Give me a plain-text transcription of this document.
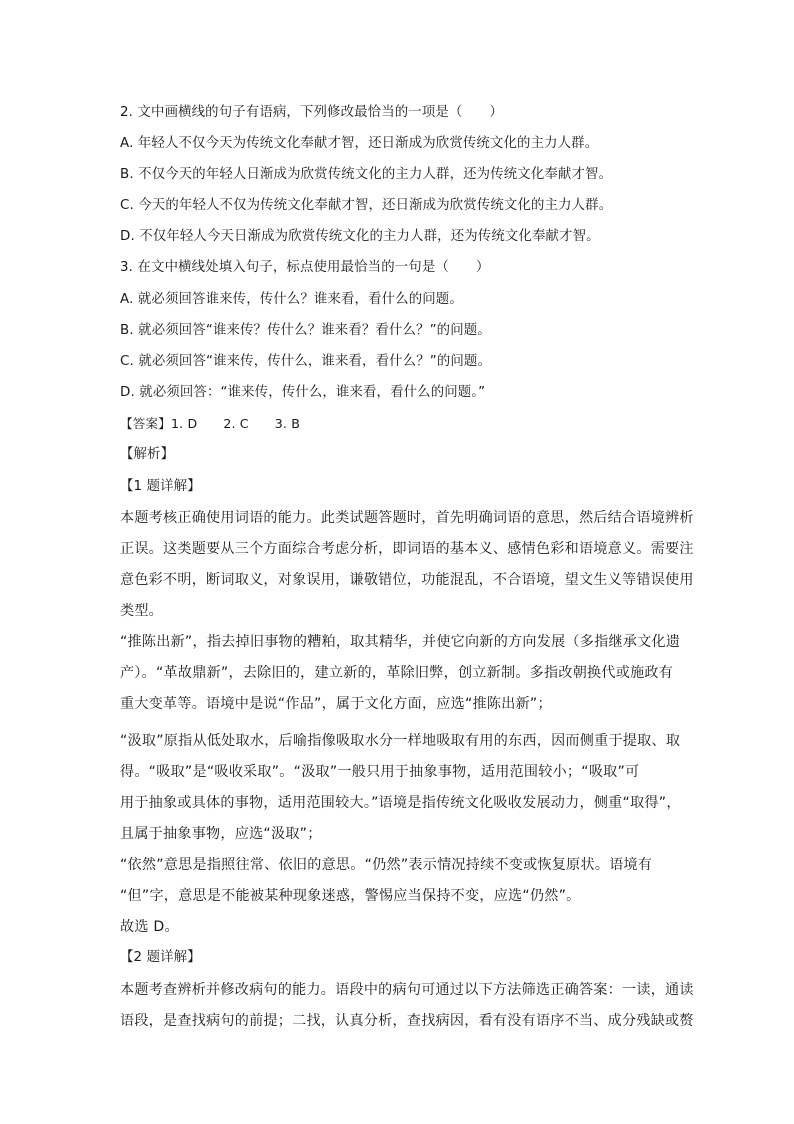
2. 文中画横线的句子有语病，下列修改最恰当的一项是（　　）
A. 年轻人不仅今天为传统文化奉献才智，还日渐成为欣赏传统文化的主力人群。
B. 不仅今天的年轻人日渐成为欣赏传统文化的主力人群，还为传统文化奉献才智。
C. 今天的年轻人不仅为传统文化奉献才智，还日渐成为欣赏传统文化的主力人群。
D. 不仅年轻人今天日渐成为欣赏传统文化的主力人群，还为传统文化奉献才智。
3. 在文中横线处填入句子，标点使用最恰当的一句是（　　）
A. 就必须回答谁来传，传什么？谁来看，看什么的问题。
B. 就必须回答“谁来传？传什么？谁来看？看什么？”的问题。
C. 就必须回答“谁来传，传什么，谁来看，看什么？”的问题。
D. 就必须回答：“谁来传，传什么，谁来看，看什么的问题。”
【答案】1. D 2. C 3. B
【解析】
【1 题详解】
本题考核正确使用词语的能力。此类试题答题时，首先明确词语的意思，然后结合语境辨析
正误。这类题要从三个方面综合考虑分析，即词语的基本义、感情色彩和语境意义。需要注
意色彩不明，断词取义，对象误用，谦敬错位，功能混乱，不合语境，望文生义等错误使用
类型。
“推陈出新”，指去掉旧事物的糟粕，取其精华，并使它向新的方向发展（多指继承文化遗
产）。“革故鼎新”，去除旧的，建立新的，革除旧弊，创立新制。多指改朝换代或施政有
重大变革等。语境中是说“作品”，属于文化方面，应选“推陈出新”；
“汲取”原指从低处取水，后喻指像吸取水分一样地吸取有用的东西，因而侧重于提取、取
得。“吸取”是“吸收采取”。“汲取”一般只用于抽象事物，适用范围较小；“吸取”可
用于抽象或具体的事物，适用范围较大。”语境是指传统文化吸收发展动力，侧重“取得”，
且属于抽象事物，应选“汲取”；
“依然”意思是指照往常、依旧的意思。“仍然”表示情况持续不变或恢复原状。语境有
“但”字，意思是不能被某种现象迷惑，警惕应当保持不变，应选“仍然”。
故选 D。
【2 题详解】
本题考查辨析并修改病句的能力。语段中的病句可通过以下方法筛选正确答案：一读，通读
语段，是查找病句的前提；二找，认真分析，查找病因，看有没有语序不当、成分残缺或赘
